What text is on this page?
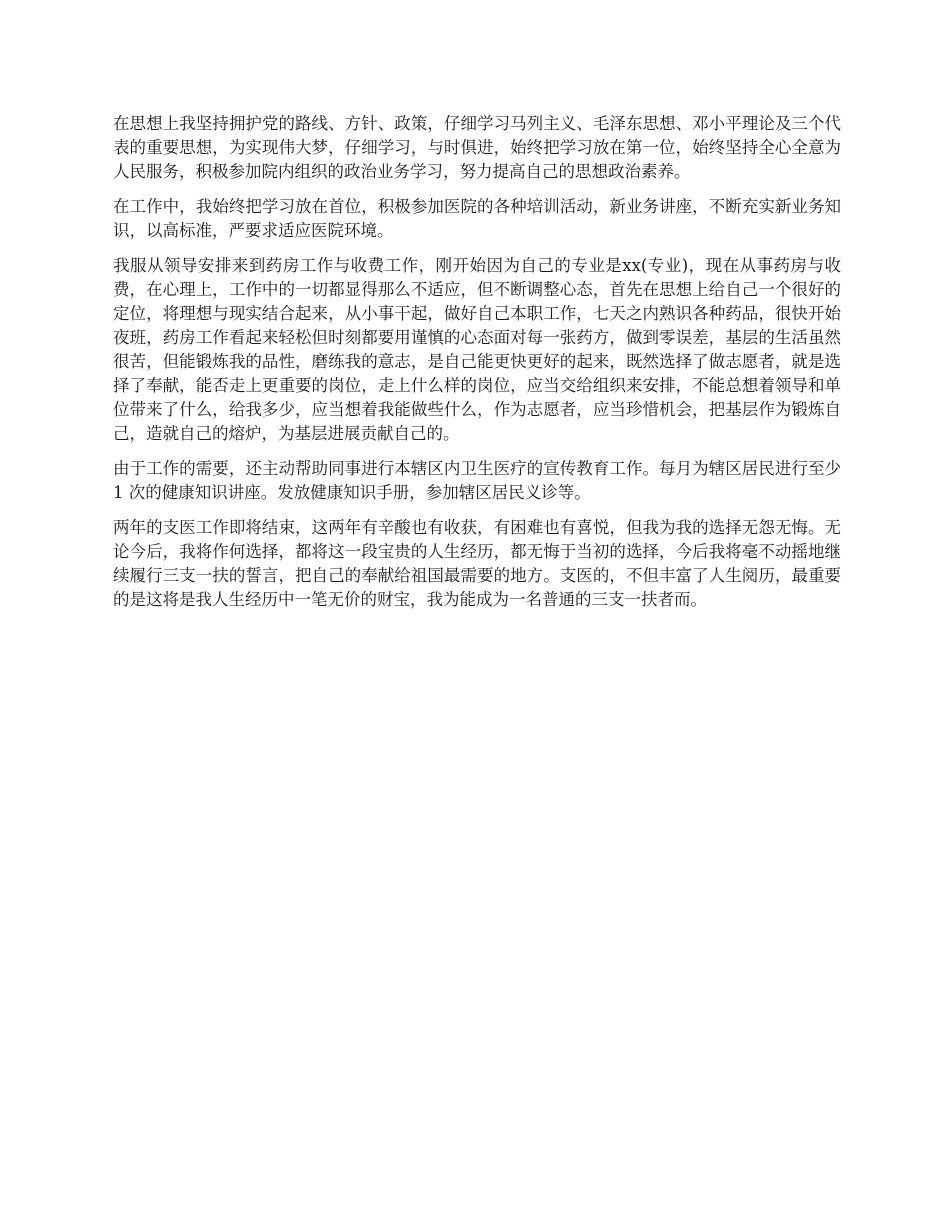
在思想上我坚持拥护党的路线、方针、政策，仔细学习马列主义、毛泽东思想、邓小平理论及三个代表的重要思想，为实现伟大梦，仔细学习，与时俱进，始终把学习放在第一位，始终坚持全心全意为人民服务，积极参加院内组织的政治业务学习，努力提高自己的思想政治素养。

在工作中，我始终把学习放在首位，积极参加医院的各种培训活动，新业务讲座，不断充实新业务知识，以高标准，严要求适应医院环境。

我服从领导安排来到药房工作与收费工作，刚开始因为自己的专业是xx(专业)，现在从事药房与收费，在心理上，工作中的一切都显得那么不适应，但不断调整心态，首先在思想上给自己一个很好的定位，将理想与现实结合起来，从小事干起，做好自己本职工作，七天之内熟识各种药品，很快开始夜班，药房工作看起来轻松但时刻都要用谨慎的心态面对每一张药方，做到零误差，基层的生活虽然很苦，但能锻炼我的品性，磨练我的意志，是自己能更快更好的起来，既然选择了做志愿者，就是选择了奉献，能否走上更重要的岗位，走上什么样的岗位，应当交给组织来安排，不能总想着领导和单位带来了什么，给我多少，应当想着我能做些什么，作为志愿者，应当珍惜机会，把基层作为锻炼自己，造就自己的熔炉，为基层进展贡献自己的。

由于工作的需要，还主动帮助同事进行本辖区内卫生医疗的宣传教育工作。每月为辖区居民进行至少 1 次的健康知识讲座。发放健康知识手册，参加辖区居民义诊等。

两年的支医工作即将结束，这两年有辛酸也有收获，有困难也有喜悦，但我为我的选择无怨无悔。无论今后，我将作何选择，都将这一段宝贵的人生经历，都无悔于当初的选择，今后我将毫不动摇地继续履行三支一扶的誓言，把自己的奉献给祖国最需要的地方。支医的，不但丰富了人生阅历，最重要的是这将是我人生经历中一笔无价的财宝，我为能成为一名普通的三支一扶者而。
